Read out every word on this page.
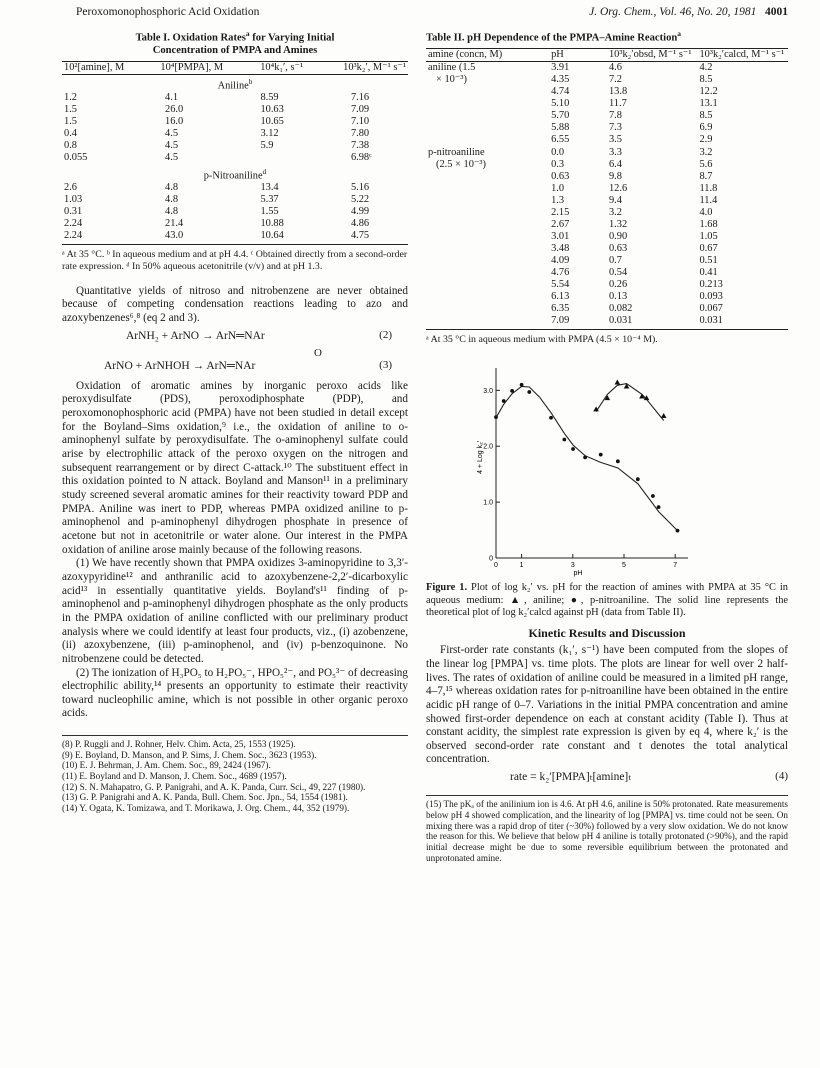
Peroxomonophosphoric Acid Oxidation	J. Org. Chem., Vol. 46, No. 20, 1981 4001
Table I. Oxidation Rates$^a$ for Varying Initial
Concentration of PMPA and Amines
10²[amine], M	10⁴[PMPA], M	10⁴k₁′, s⁻¹	10³k₂′, M⁻¹ s⁻¹
Aniline$^b$
1.2	4.1	8.59	7.16
1.5	26.0	10.63	7.09
1.5	16.0	10.65	7.10
0.4	4.5	3.12	7.80
0.8	4.5	5.9	7.38
0.055	4.5		6.98ᶜ
p-Nitroaniline$^d$
2.6	4.8	13.4	5.16
1.03	4.8	5.37	5.22
0.31	4.8	1.55	4.99
2.24	21.4	10.88	4.86
2.24	43.0	10.64	4.75
ᵃ At 35 °C. ᵇ In aqueous medium and at pH 4.4. ᶜ Obtained directly from a second-order rate expression. ᵈ In 50% aqueous acetonitrile (v/v) and at pH 1.3.

Quantitative yields of nitroso and nitrobenzene are never obtained because of competing condensation reactions leading to azo and azoxybenzenes⁶,⁸ (eq 2 and 3).

ArNH₂ + ArNO → ArN═NAr	(2)
O
ArNO + ArNHOH → ArN═NAr	(3)

Oxidation of aromatic amines by inorganic peroxo acids like peroxydisulfate (PDS), peroxodiphosphate (PDP), and peroxomonophosphoric acid (PMPA) have not been studied in detail except for the Boyland–Sims oxidation,⁹ i.e., the oxidation of aniline to o-aminophenyl sulfate by peroxydisulfate. The o-aminophenyl sulfate could arise by electrophilic attack of the peroxo oxygen on the nitrogen and subsequent rearrangement or by direct C-attack.¹⁰ The substituent effect in this oxidation pointed to N attack. Boyland and Manson¹¹ in a preliminary study screened several aromatic amines for their reactivity toward PDP and PMPA. Aniline was inert to PDP, whereas PMPA oxidized aniline to p-aminophenol and p-aminophenyl dihydrogen phosphate in presence of acetone but not in acetonitrile or water alone. Our interest in the PMPA oxidation of aniline arose mainly because of the following reasons.

(1) We have recently shown that PMPA oxidizes 3-aminopyridine to 3,3′-azoxypyridine¹² and anthranilic acid to azoxybenzene-2,2′-dicarboxylic acid¹³ in essentially quantitative yields. Boyland's¹¹ finding of p-aminophenol and p-aminophenyl dihydrogen phosphate as the only products in the PMPA oxidation of aniline conflicted with our preliminary product analysis where we could identify at least four products, viz., (i) azobenzene, (ii) azoxybenzene, (iii) p-aminophenol, and (iv) p-benzoquinone. No nitrobenzene could be detected.

(2) The ionization of H₃PO₅ to H₂PO₅⁻, HPO₅²⁻, and PO₅³⁻ of decreasing electrophilic ability,¹⁴ presents an opportunity to estimate their reactivity toward nucleophilic amine, which is not possible in other organic peroxo acids.

(8) P. Ruggli and J. Rohner, Helv. Chim. Acta, 25, 1553 (1925).
(9) E. Boyland, D. Manson, and P. Sims, J. Chem. Soc., 3623 (1953).
(10) E. J. Behrman, J. Am. Chem. Soc., 89, 2424 (1967).
(11) E. Boyland and D. Manson, J. Chem. Soc., 4689 (1957).
(12) S. N. Mahapatro, G. P. Panigrahi, and A. K. Panda, Curr. Sci., 49, 227 (1980).
(13) G. P. Panigrahi and A. K. Panda, Bull. Chem. Soc. Jpn., 54, 1554 (1981).
(14) Y. Ogata, K. Tomizawa, and T. Morikawa, J. Org. Chem., 44, 352 (1979).
Table II. pH Dependence of the PMPA–Amine Reaction$^a$
amine (concn, M)	pH	10³k₂′obsd, M⁻¹ s⁻¹	10³k₂′calcd, M⁻¹ s⁻¹
aniline (1.5	3.91	4.6	4.2
× 10⁻³)	4.35	7.2	8.5
	4.74	13.8	12.2
	5.10	11.7	13.1
	5.70	7.8	8.5
	5.88	7.3	6.9
	6.55	3.5	2.9
p-nitroaniline	0.0	3.3	3.2
(2.5 × 10⁻³)	0.3	6.4	5.6
	0.63	9.8	8.7
	1.0	12.6	11.8
	1.3	9.4	11.4
	2.15	3.2	4.0
	2.67	1.32	1.68
	3.01	0.90	1.05
	3.48	0.63	0.67
	4.09	0.7	0.51
	4.76	0.54	0.41
	5.54	0.26	0.213
	6.13	0.13	0.093
	6.35	0.082	0.067
	7.09	0.031	0.031
ᵃ At 35 °C in aqueous medium with PMPA (4.5 × 10⁻⁴ M).
0	1	3	5	7
0
1.0
2.0
3.0
pH
4 + Log k₂′
Figure 1. Plot of log k₂′ vs. pH for the reaction of amines with PMPA at 35 °C in aqueous medium: ▲, aniline; ●, p-nitroaniline. The solid line represents the theoretical plot of log k₂′calcd against pH (data from Table II).
Kinetic Results and Discussion

First-order rate constants (k₁′, s⁻¹) have been computed from the slopes of the linear log [PMPA] vs. time plots. The plots are linear for well over 2 half-lives. The rates of oxidation of aniline could be measured in a limited pH range, 4–7,¹⁵ whereas oxidation rates for p-nitroaniline have been obtained in the entire acidic pH range of 0–7. Variations in the initial PMPA concentration and amine showed first-order dependence on each at constant acidity (Table I). Thus at constant acidity, the simplest rate expression is given by eq 4, where k₂′ is the observed second-order rate constant and t denotes the total analytical concentration.

rate = k₂′[PMPA]ₜ[amine]ₜ	(4)
(15) The pKₐ of the anilinium ion is 4.6. At pH 4.6, aniline is 50% protonated. Rate measurements below pH 4 showed complication, and the linearity of log [PMPA] vs. time could not be seen. On mixing there was a rapid drop of titer (~30%) followed by a very slow oxidation. We do not know the reason for this. We believe that below pH 4 aniline is totally protonated (>90%), and the rapid initial decrease might be due to some reversible equilibrium between the protonated and unprotonated amine.
